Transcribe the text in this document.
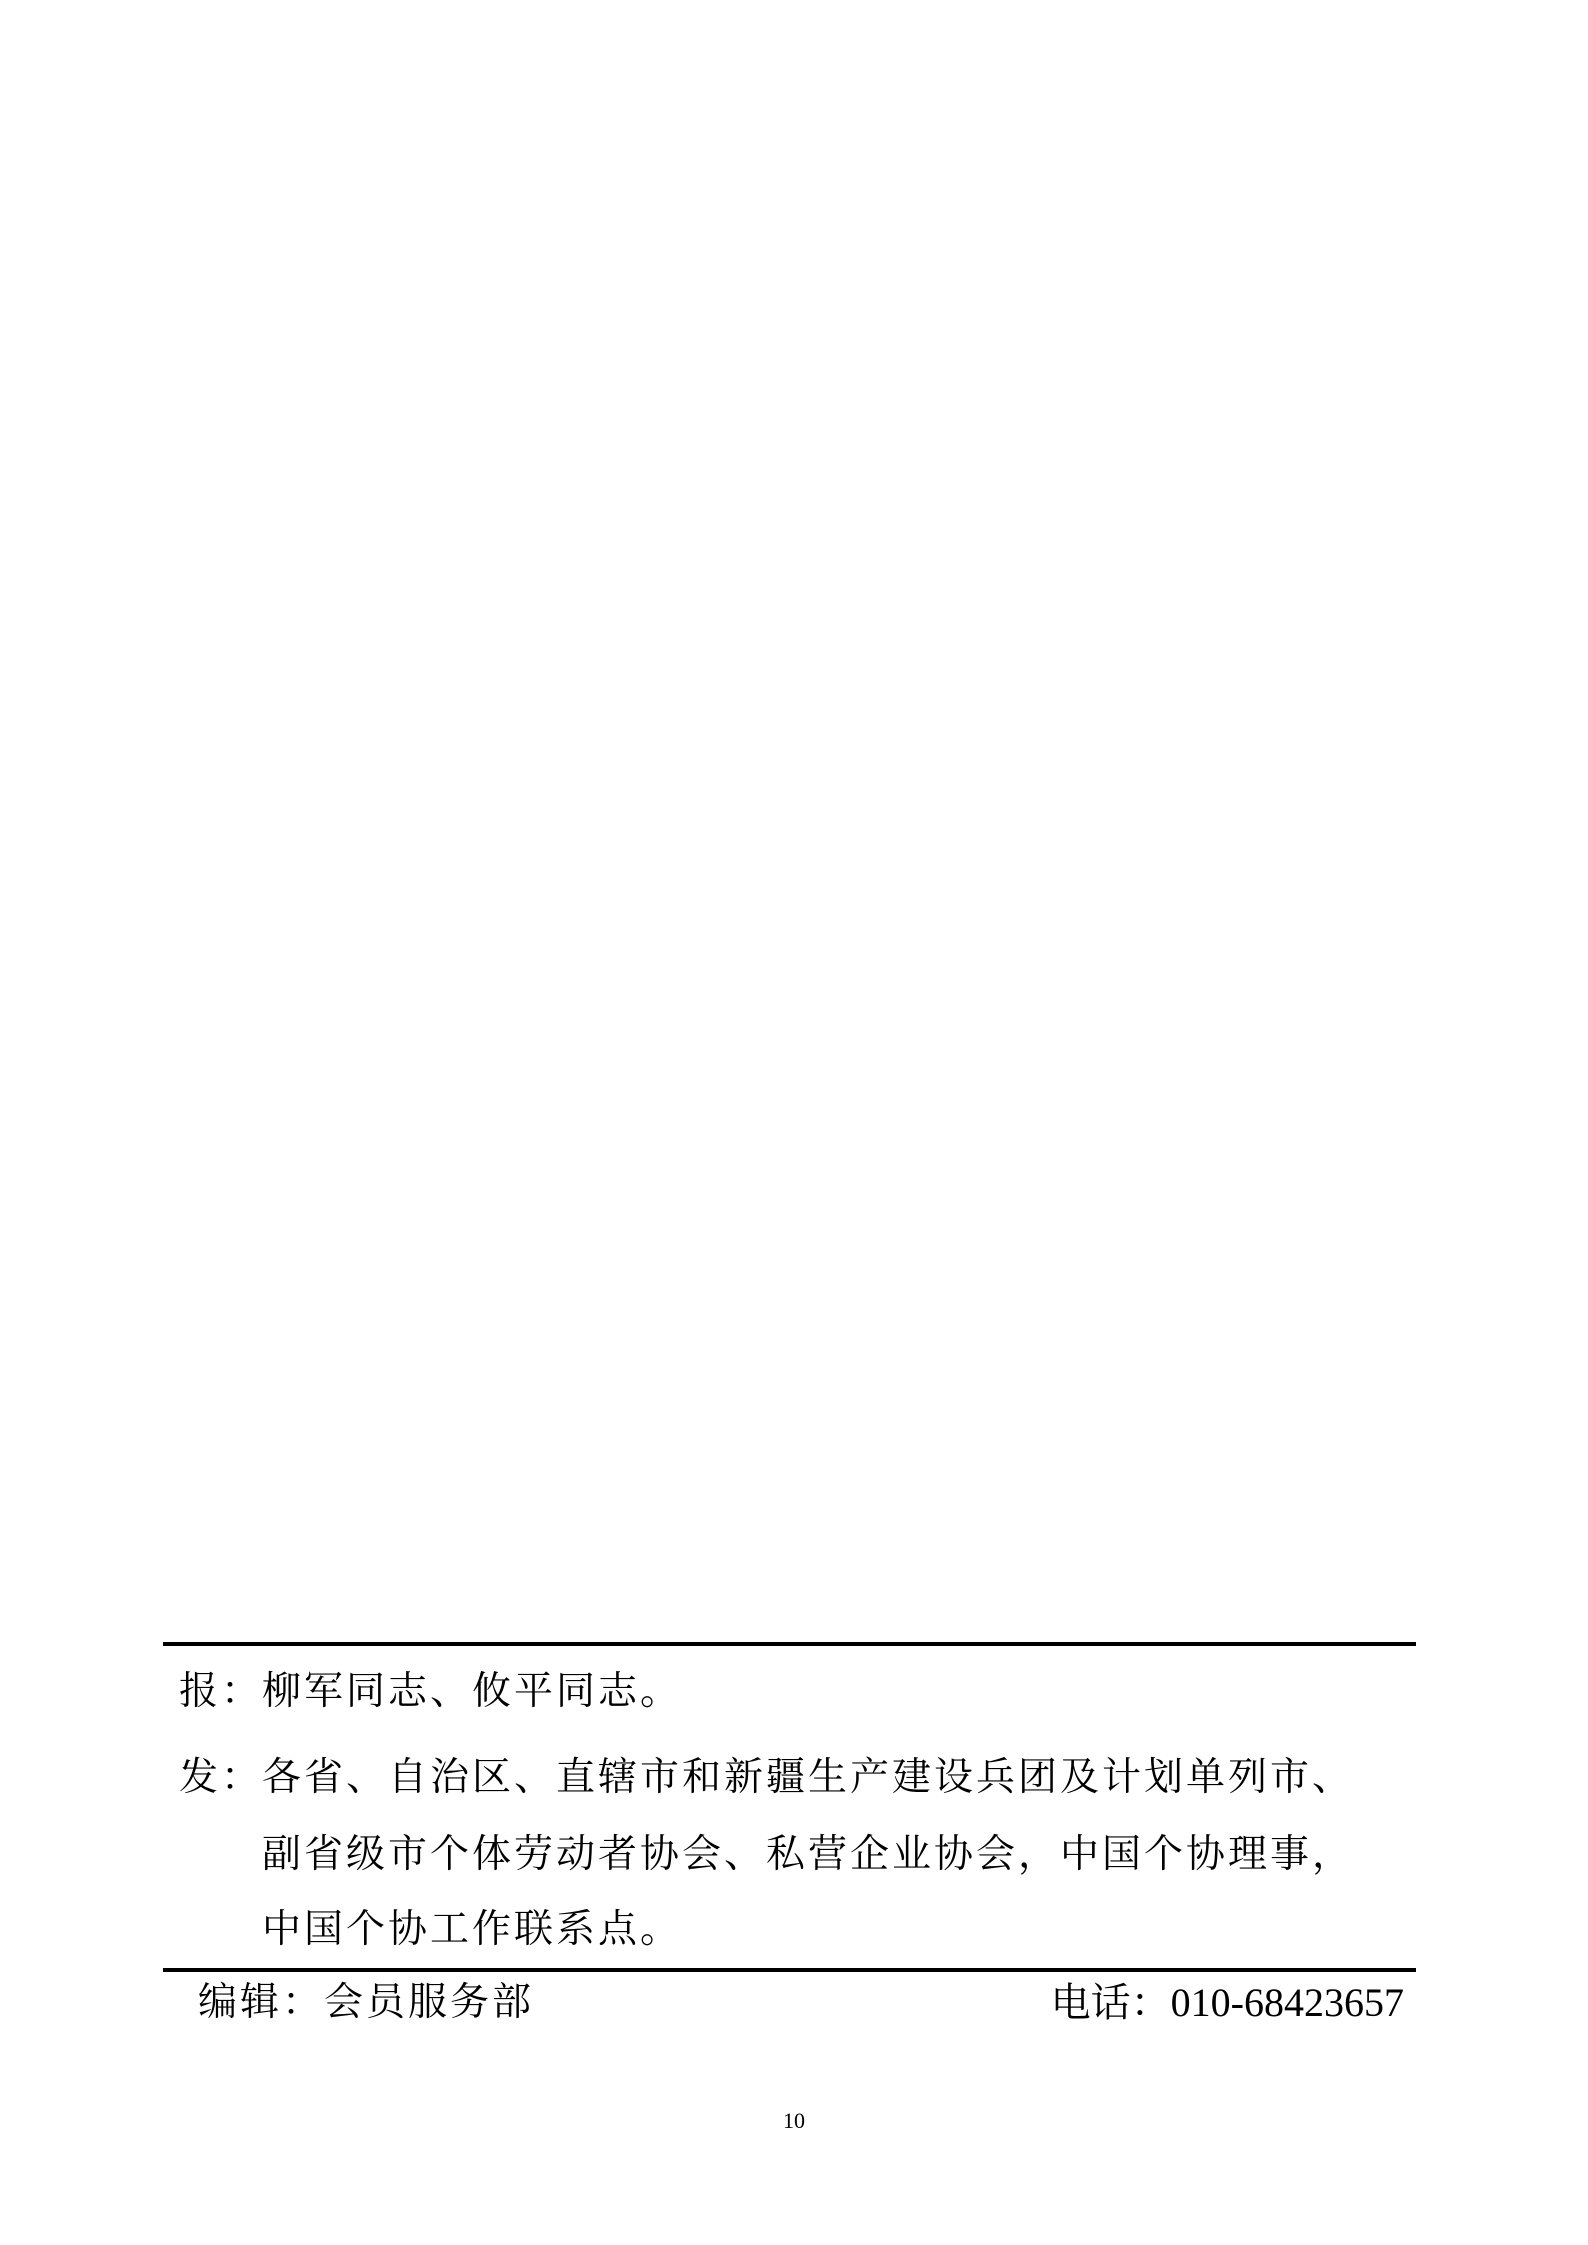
报：
柳军同志、攸平同志。
发：
各省、自治区、直辖市和新疆生产建设兵团及计划单列市、
副省级市个体劳动者协会、私营企业协会，中国个协理事，
中国个协工作联系点。
编辑：会员服务部	电话：010-68423657
10
